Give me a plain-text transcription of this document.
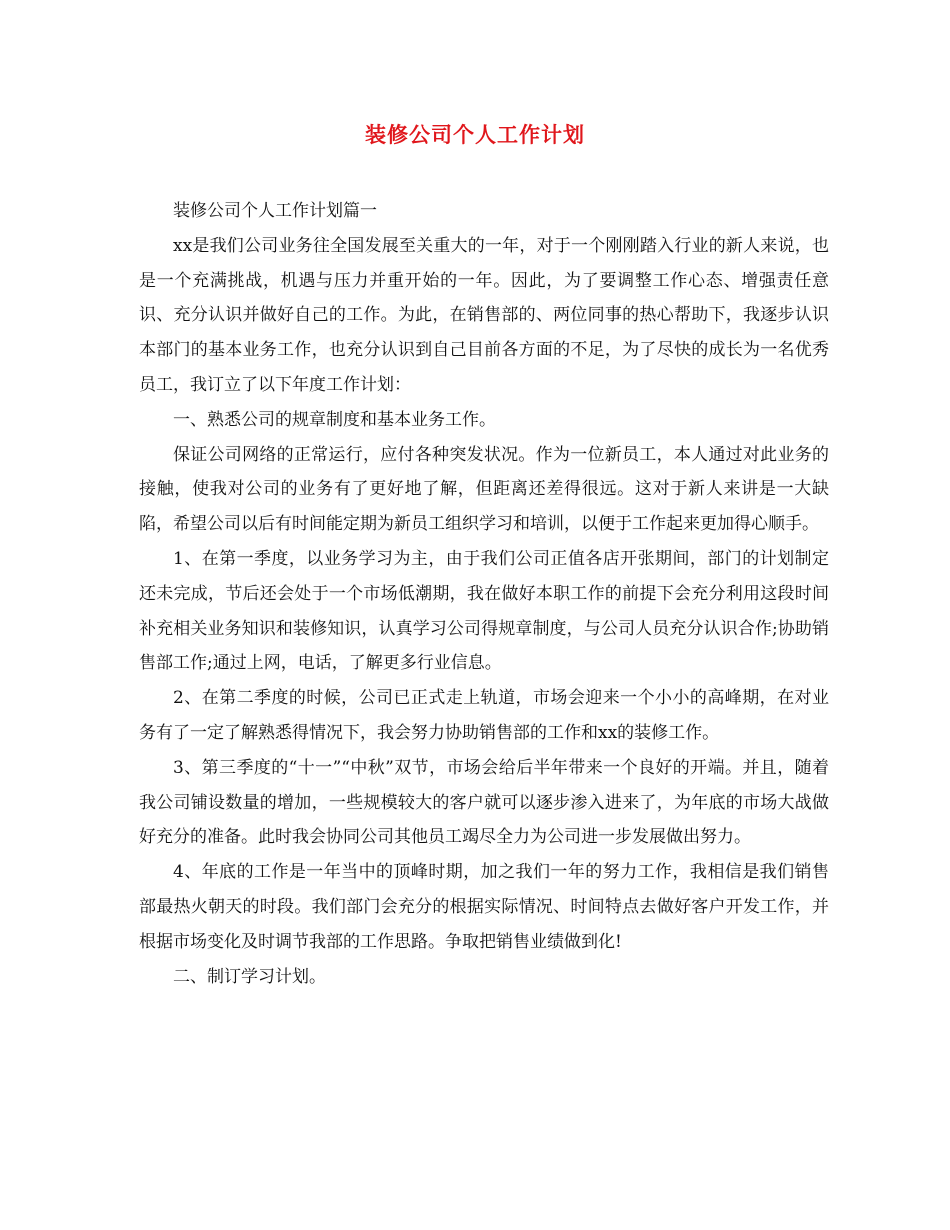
装修公司个人工作计划

装修公司个人工作计划篇一

xx是我们公司业务往全国发展至关重大的一年，对于一个刚刚踏入行业的新人来说，也是一个充满挑战，机遇与压力并重开始的一年。因此，为了要调整工作心态、增强责任意识、充分认识并做好自己的工作。为此，在销售部的、两位同事的热心帮助下，我逐步认识本部门的基本业务工作，也充分认识到自己目前各方面的不足，为了尽快的成长为一名优秀员工，我订立了以下年度工作计划：

一、熟悉公司的规章制度和基本业务工作。

保证公司网络的正常运行，应付各种突发状况。作为一位新员工，本人通过对此业务的接触，使我对公司的业务有了更好地了解，但距离还差得很远。这对于新人来讲是一大缺陷，希望公司以后有时间能定期为新员工组织学习和培训，以便于工作起来更加得心顺手。

1、在第一季度，以业务学习为主，由于我们公司正值各店开张期间，部门的计划制定还未完成，节后还会处于一个市场低潮期，我在做好本职工作的前提下会充分利用这段时间补充相关业务知识和装修知识，认真学习公司得规章制度，与公司人员充分认识合作;协助销售部工作;通过上网，电话，了解更多行业信息。

2、在第二季度的时候，公司已正式走上轨道，市场会迎来一个小小的高峰期，在对业务有了一定了解熟悉得情况下，我会努力协助销售部的工作和xx的装修工作。

3、第三季度的“十一”“中秋”双节，市场会给后半年带来一个良好的开端。并且，随着我公司铺设数量的增加，一些规模较大的客户就可以逐步渗入进来了，为年底的市场大战做好充分的准备。此时我会协同公司其他员工竭尽全力为公司进一步发展做出努力。

4、年底的工作是一年当中的顶峰时期，加之我们一年的努力工作，我相信是我们销售部最热火朝天的时段。我们部门会充分的根据实际情况、时间特点去做好客户开发工作，并根据市场变化及时调节我部的工作思路。争取把销售业绩做到化!

二、制订学习计划。
